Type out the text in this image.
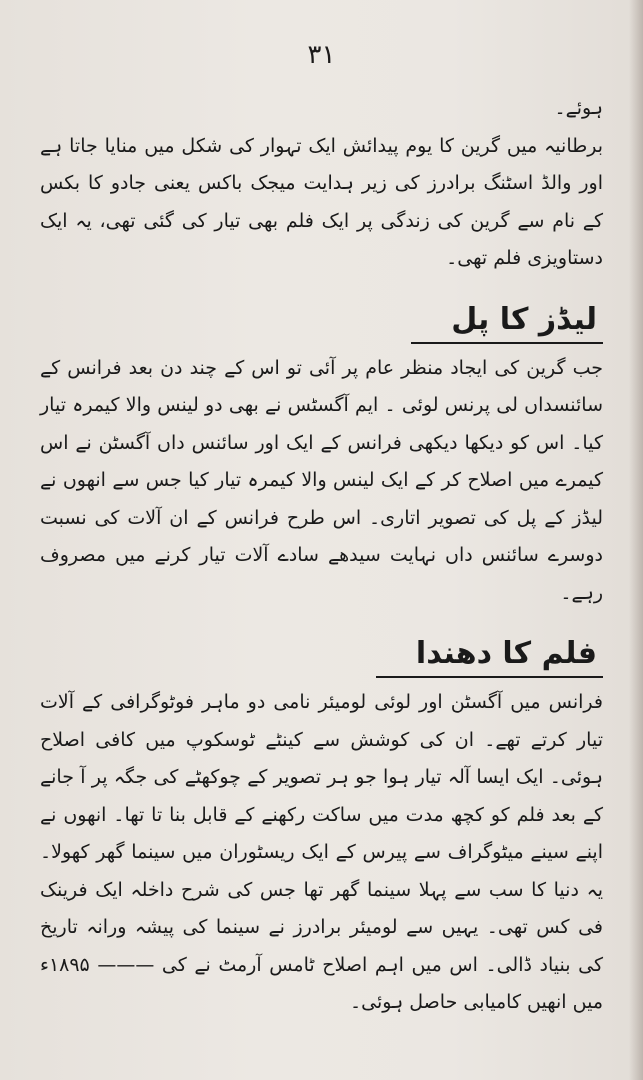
٣١

ہوئے۔

برطانیہ میں گرین کا یوم پیدائش ایک تہوار کی شکل میں منایا جاتا ہے اور والڈ اسٹنگ برادرز کی زیر ہدایت میجک باکس یعنی جادو کا بکس کے نام سے گرین کی زندگی پر ایک فلم بھی تیار کی گئی تھی، یہ ایک دستاویزی فلم تھی۔

لیڈز کا پل

جب گرین کی ایجاد منظر عام پر آئی تو اس کے چند دن بعد فرانس کے سائنسداں لی پرنس لوئی ۔ ایم آگسٹس نے بھی دو لینس والا کیمرہ تیار کیا۔ اس کو دیکھا دیکھی فرانس کے ایک اور سائنس داں آگسٹن نے اس کیمرے میں اصلاح کر کے ایک لینس والا کیمرہ تیار کیا جس سے انھوں نے لیڈز کے پل کی تصویر اتاری۔ اس طرح فرانس کے ان آلات کی نسبت دوسرے سائنس داں نہایت سیدھے سادے آلات تیار کرنے میں مصروف رہے۔

فلم کا دھندا

فرانس میں آگسٹن اور لوئی لومیئر نامی دو ماہر فوٹوگرافی کے آلات تیار کرتے تھے۔ ان کی کوشش سے کینٹے ٹوسکوپ میں کافی اصلاح ہوئی۔ ایک ایسا آلہ تیار ہوا جو ہر تصویر کے چوکھٹے کی جگہ پر آ جانے کے بعد فلم کو کچھ مدت میں ساکت رکھنے کے قابل بنا تا تھا۔ انھوں نے اپنے سینے میٹوگراف سے پیرس کے ایک ریسٹوران میں سینما گھر کھولا۔ یہ دنیا کا سب سے پہلا سینما گھر تھا جس کی شرح داخلہ ایک فرینک فی کس تھی۔ یہیں سے لومیئر برادرز نے سینما کی پیشہ ورانہ تاریخ کی بنیاد ڈالی۔ اس میں اہم اصلاح ٹامس آرمٹ نے کی ——— ۱۸۹۵ء میں انھیں کامیابی حاصل ہوئی۔
